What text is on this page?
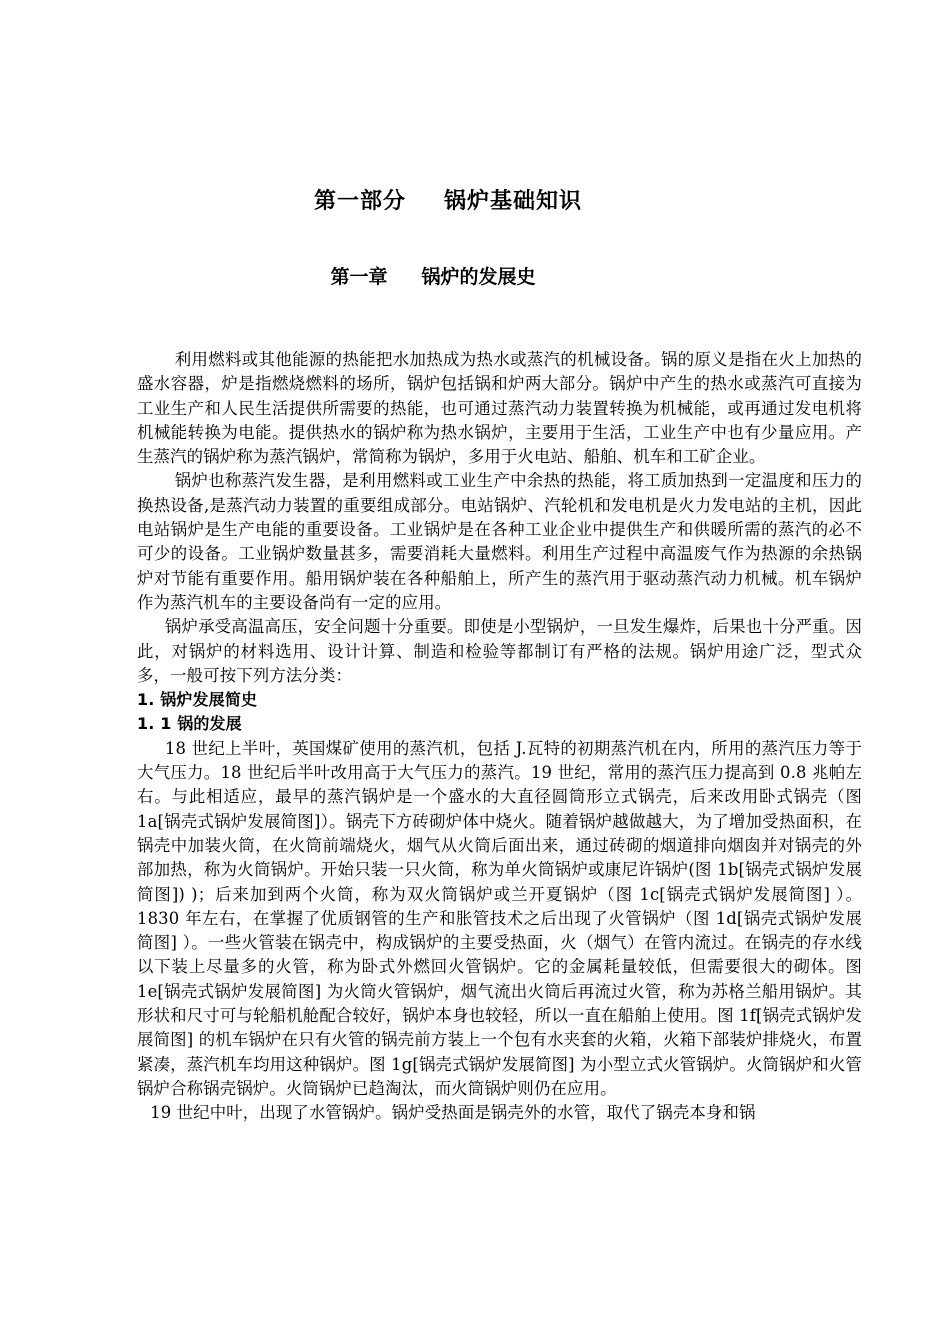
第一部分 锅炉基础知识
第一章 锅炉的发展史

利用燃料或其他能源的热能把水加热成为热水或蒸汽的机械设备。锅的原义是指在火上加热的盛水容器，炉是指燃烧燃料的场所，锅炉包括锅和炉两大部分。锅炉中产生的热水或蒸汽可直接为工业生产和人民生活提供所需要的热能，也可通过蒸汽动力装置转换为机械能，或再通过发电机将机械能转换为电能。提供热水的锅炉称为热水锅炉，主要用于生活，工业生产中也有少量应用。产生蒸汽的锅炉称为蒸汽锅炉，常简称为锅炉，多用于火电站、船舶、机车和工矿企业。

锅炉也称蒸汽发生器，是利用燃料或工业生产中余热的热能，将工质加热到一定温度和压力的换热设备,是蒸汽动力装置的重要组成部分。电站锅炉、汽轮机和发电机是火力发电站的主机，因此电站锅炉是生产电能的重要设备。工业锅炉是在各种工业企业中提供生产和供暖所需的蒸汽的必不可少的设备。工业锅炉数量甚多，需要消耗大量燃料。利用生产过程中高温废气作为热源的余热锅炉对节能有重要作用。船用锅炉装在各种船舶上，所产生的蒸汽用于驱动蒸汽动力机械。机车锅炉作为蒸汽机车的主要设备尚有一定的应用。

锅炉承受高温高压，安全问题十分重要。即使是小型锅炉，一旦发生爆炸，后果也十分严重。因此，对锅炉的材料选用、设计计算、制造和检验等都制订有严格的法规。锅炉用途广泛，型式众多，一般可按下列方法分类：

1. 锅炉发展简史

1. 1 锅的发展

18 世纪上半叶，英国煤矿使用的蒸汽机，包括 J.瓦特的初期蒸汽机在内，所用的蒸汽压力等于大气压力。18 世纪后半叶改用高于大气压力的蒸汽。19 世纪，常用的蒸汽压力提高到 0.8 兆帕左右。与此相适应，最早的蒸汽锅炉是一个盛水的大直径圆筒形立式锅壳，后来改用卧式锅壳（图 1a[锅壳式锅炉发展简图]）。锅壳下方砖砌炉体中烧火。随着锅炉越做越大，为了增加受热面积，在锅壳中加装火筒，在火筒前端烧火，烟气从火筒后面出来，通过砖砌的烟道排向烟囱并对锅壳的外部加热，称为火筒锅炉。开始只装一只火筒，称为单火筒锅炉或康尼许锅炉(图 1b[锅壳式锅炉发展简图]) )；后来加到两个火筒，称为双火筒锅炉或兰开夏锅炉（图 1c[锅壳式锅炉发展简图] ）。1830 年左右，在掌握了优质钢管的生产和胀管技术之后出现了火管锅炉（图 1d[锅壳式锅炉发展简图] ）。一些火管装在锅壳中，构成锅炉的主要受热面，火（烟气）在管内流过。在锅壳的存水线以下装上尽量多的火管，称为卧式外燃回火管锅炉。它的金属耗量较低，但需要很大的砌体。图 1e[锅壳式锅炉发展简图] 为火筒火管锅炉，烟气流出火筒后再流过火管，称为苏格兰船用锅炉。其形状和尺寸可与轮船机舱配合较好，锅炉本身也较轻，所以一直在船舶上使用。图 1f[锅壳式锅炉发展简图] 的机车锅炉在只有火管的锅壳前方装上一个包有水夹套的火箱，火箱下部装炉排烧火，布置紧凑，蒸汽机车均用这种锅炉。图 1g[锅壳式锅炉发展简图] 为小型立式火管锅炉。火筒锅炉和火管锅炉合称锅壳锅炉。火筒锅炉已趋淘汰，而火筒锅炉则仍在应用。

19 世纪中叶，出现了水管锅炉。锅炉受热面是锅壳外的水管，取代了锅壳本身和锅
